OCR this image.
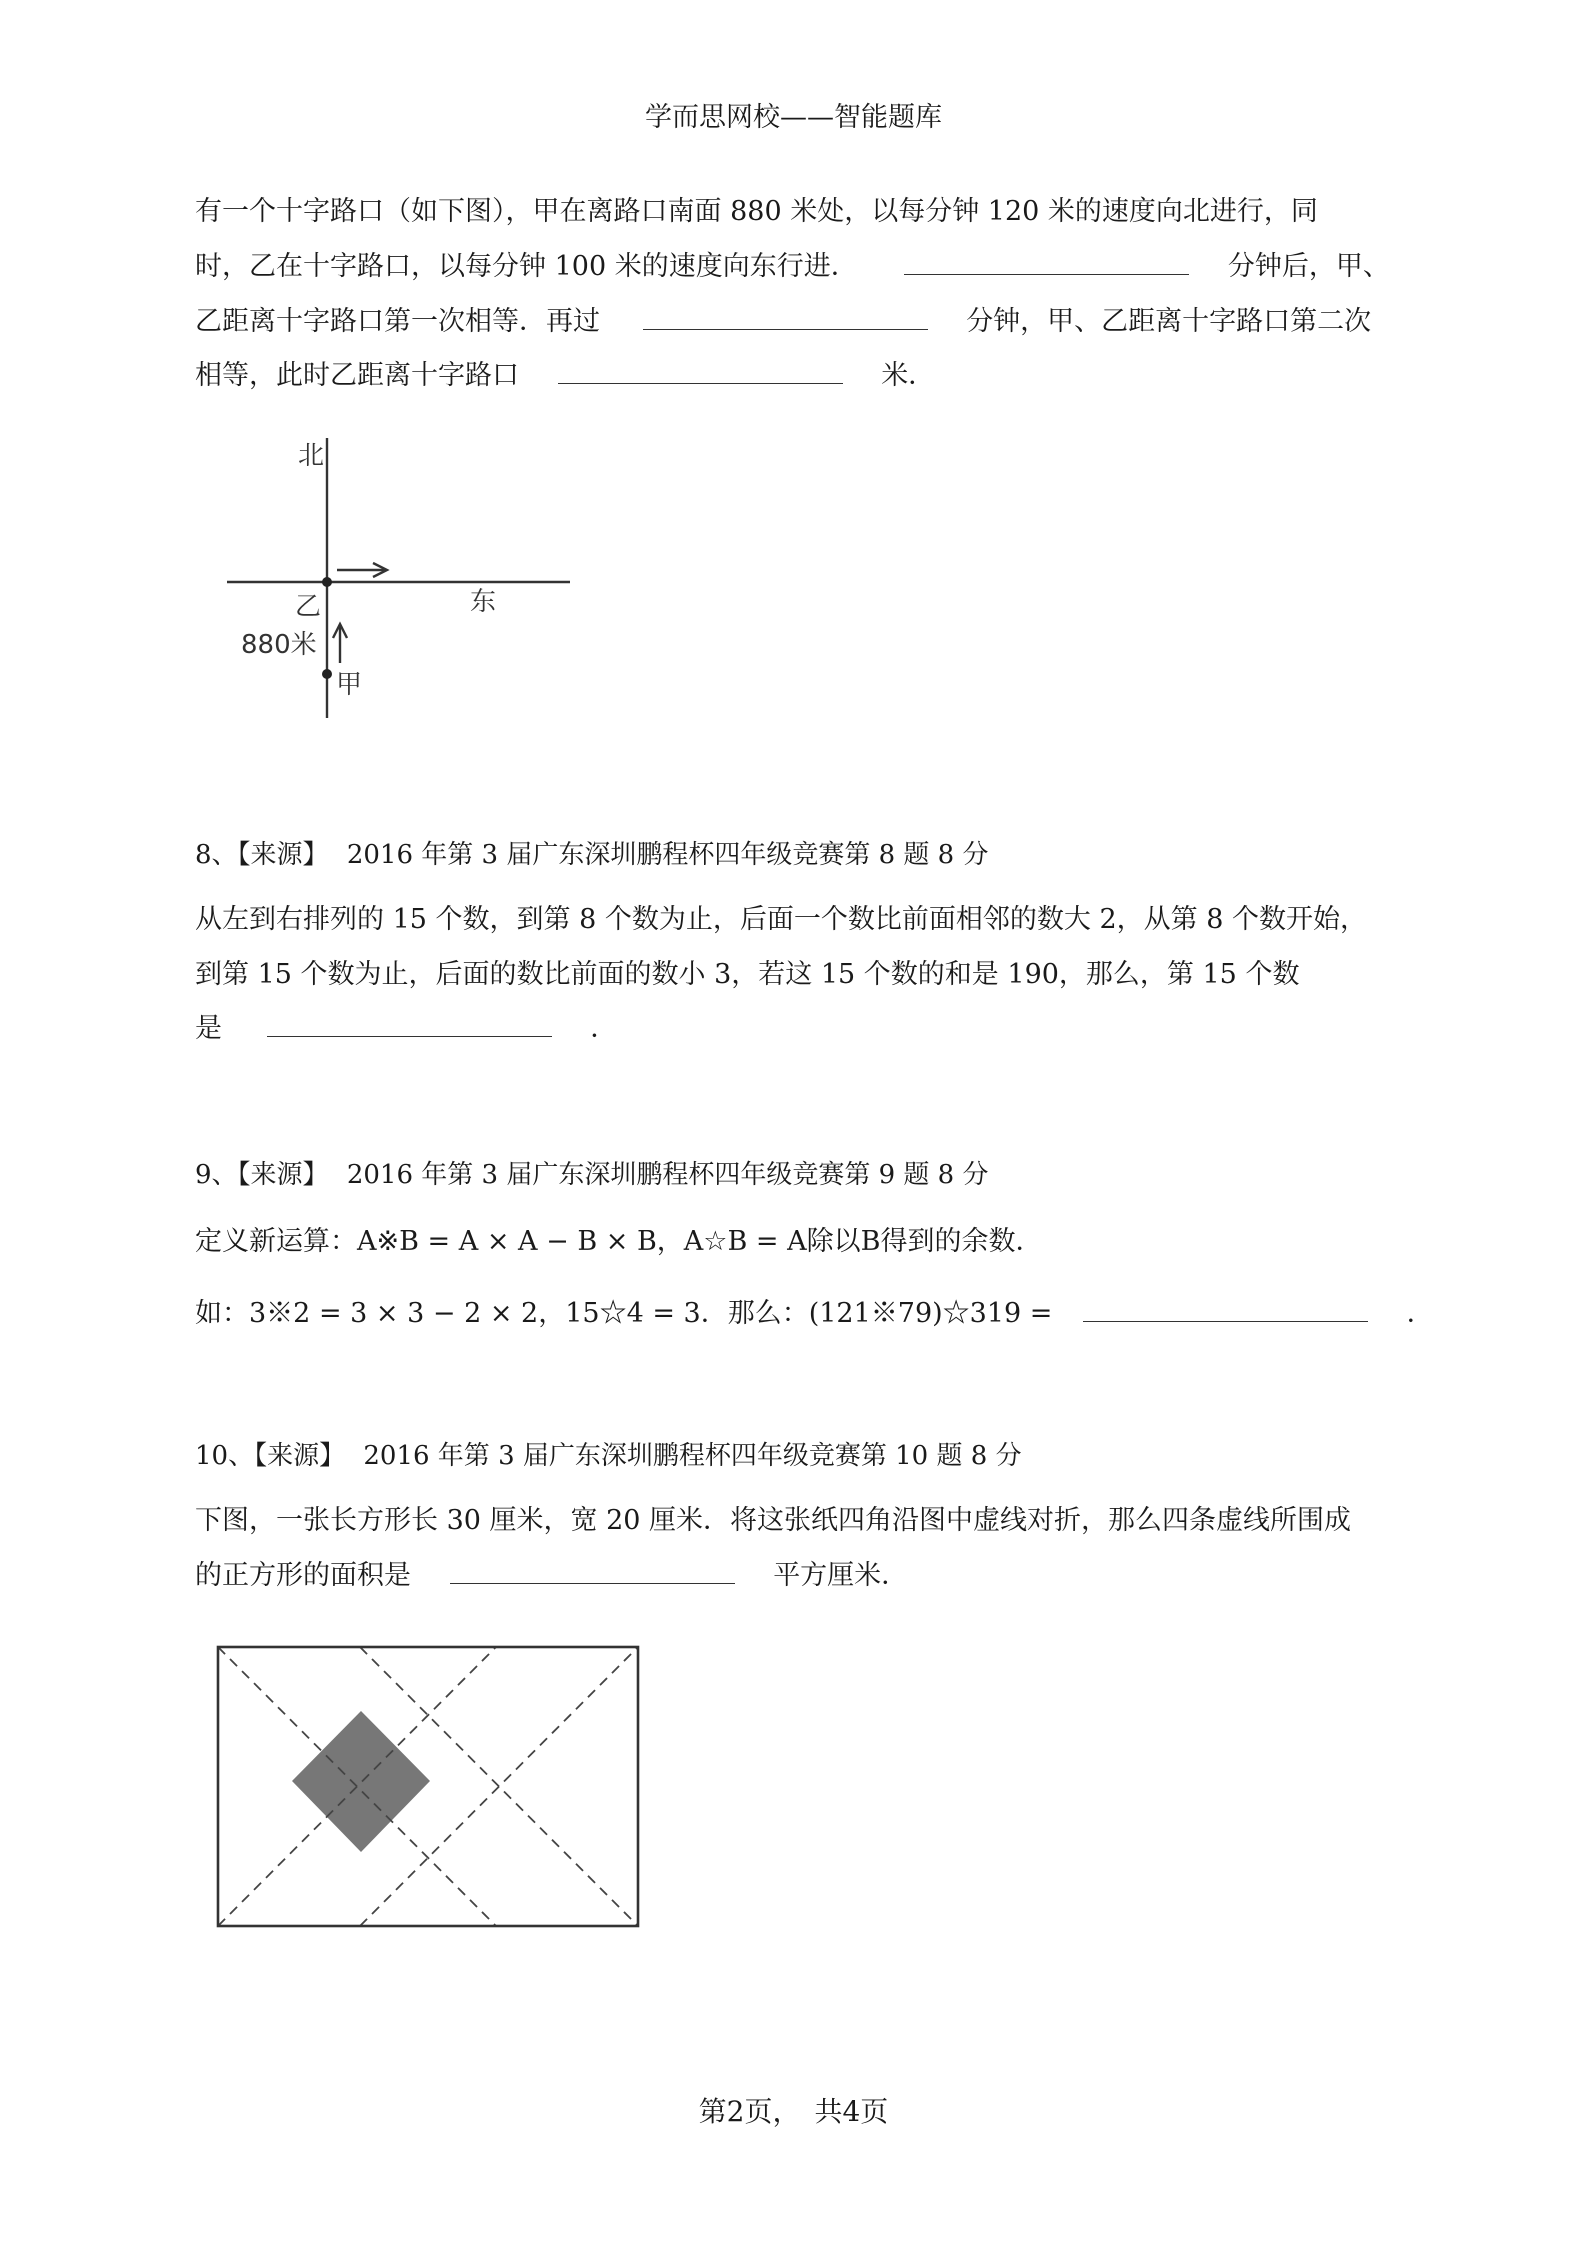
学而思网校——智能题库
有一个十字路口（如下图），甲在离路口南面 880 米处，以每分钟 120 米的速度向北进行，同
时，乙在十字路口，以每分钟 100 米的速度向东行进．	分钟后，甲、
乙距离十字路口第一次相等．再过	分钟，甲、乙距离十字路口第二次
相等，此时乙距离十字路口	米．
北
东
乙
880米
甲
8、【来源】 2016 年第 3 届广东深圳鹏程杯四年级竞赛第 8 题 8 分
从左到右排列的 15 个数，到第 8 个数为止，后面一个数比前面相邻的数大 2，从第 8 个数开始，
到第 15 个数为止，后面的数比前面的数小 3，若这 15 个数的和是 190，那么，第 15 个数
是	．
9、【来源】 2016 年第 3 届广东深圳鹏程杯四年级竞赛第 9 题 8 分
定义新运算：A※B = A × A − B × B，A☆B = A除以B得到的余数．
如：3※2 = 3 × 3 − 2 × 2，15☆4 = 3．那么：(121※79)☆319 =	．
10、【来源】 2016 年第 3 届广东深圳鹏程杯四年级竞赛第 10 题 8 分
下图，一张长方形长 30 厘米，宽 20 厘米．将这张纸四角沿图中虚线对折，那么四条虚线所围成
的正方形的面积是	平方厘米．
第2页，　共4页
